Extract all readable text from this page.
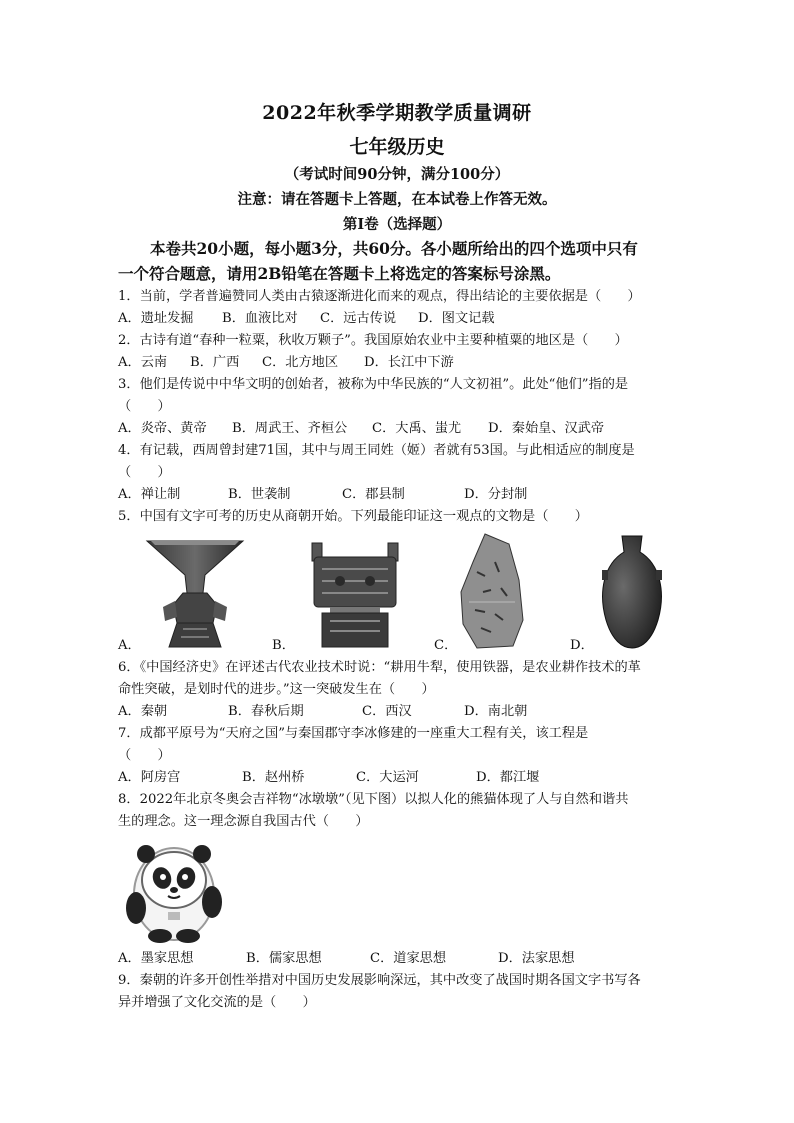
2022年秋季学期教学质量调研
七年级历史
（考试时间90分钟，满分100分）
注意：请在答题卡上答题，在本试卷上作答无效。
第Ⅰ卷（选择题）
本卷共20小题，每小题3分，共60分。各小题所给出的四个选项中只有
一个符合题意，请用2B铅笔在答题卡上将选定的答案标号涂黑。
1．当前，学者普遍赞同人类由古猿逐渐进化而来的观点，得出结论的主要依据是（　　）
A．遗址发掘 B．血液比对 C．远古传说 D．图文记载
2．古诗有道“春种一粒粟，秋收万颗子”。我国原始农业中主要种植粟的地区是（　　）
A．云南 B．广西 C．北方地区 D．长江中下游
3．他们是传说中中华文明的创始者，被称为中华民族的“人文初祖”。此处“他们”指的是
（　　）
A．炎帝、黄帝 B．周武王、齐桓公 C．大禹、蚩尤 D．秦始皇、汉武帝
4．有记载，西周曾封建71国，其中与周王同姓（姬）者就有53国。与此相适应的制度是
（　　）
A．禅让制	B．世袭制	C．郡县制	D．分封制
5．中国有文字可考的历史从商朝开始。下列最能印证这一观点的文物是（　　）
A．	B．	C．	D．
6．《中国经济史》在评述古代农业技术时说：“耕用牛犁，使用铁器，是农业耕作技术的革
命性突破，是划时代的进步。”这一突破发生在（　　）
A．秦朝	B．春秋后期	C．西汉	D．南北朝
7．成都平原号为“天府之国”与秦国郡守李冰修建的一座重大工程有关，该工程是
（　　）
A．阿房宫	B．赵州桥	C．大运河	D．都江堰
8．2022年北京冬奥会吉祥物“冰墩墩”（见下图）以拟人化的熊猫体现了人与自然和谐共
生的理念。这一理念源自我国古代（　　）
A．墨家思想	B．儒家思想	C．道家思想	D．法家思想
9．秦朝的许多开创性举措对中国历史发展影响深远，其中改变了战国时期各国文字书写各
异并增强了文化交流的是（　　）
